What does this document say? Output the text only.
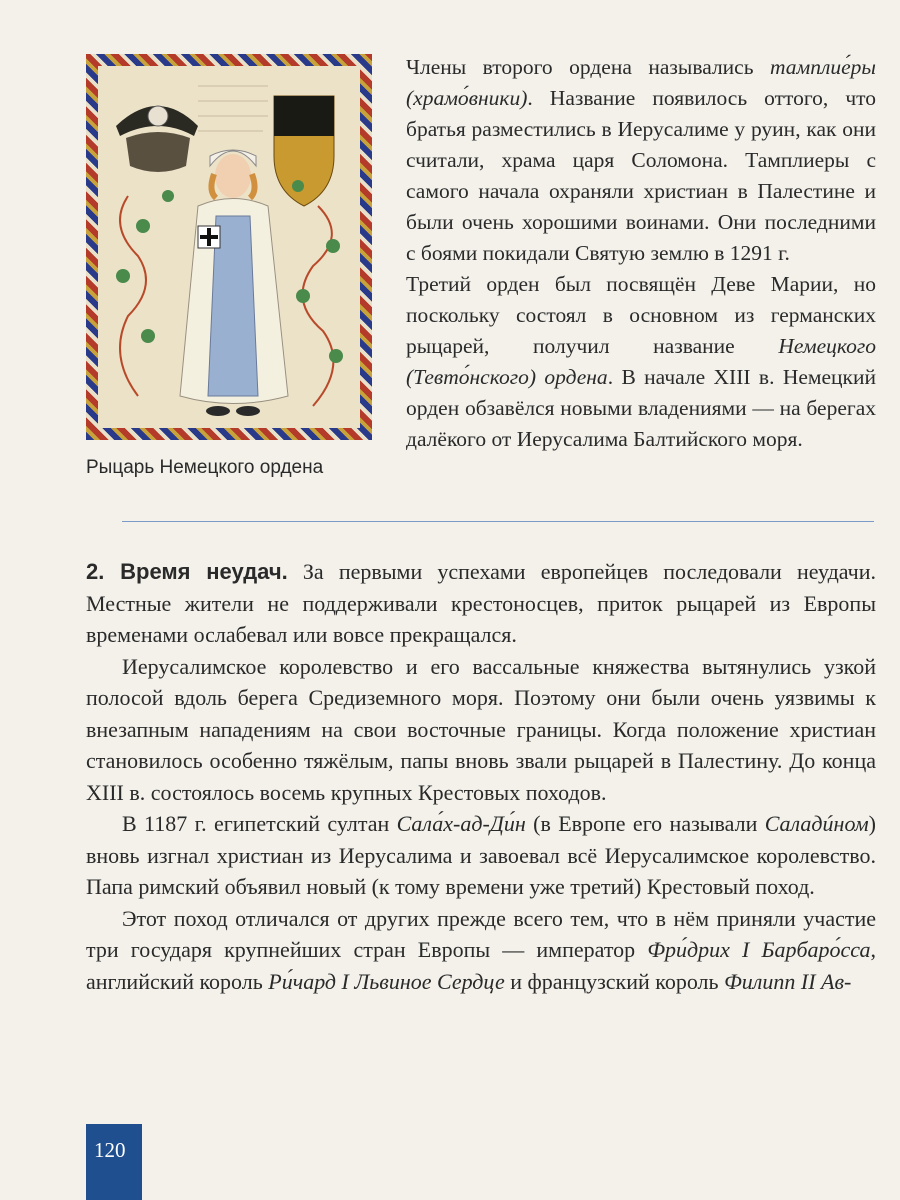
Рыцарь Немецкого ордена

Члены второго ордена назывались тамплие́ры (храмо́вники). Название появилось оттого, что братья разместились в Иерусалиме у руин, как они считали, храма царя Соломона. Тамплиеры с самого начала охраняли христиан в Палестине и были очень хорошими воинами. Они последними с боями покидали Святую землю в 1291 г.

Третий орден был посвящён Деве Марии, но поскольку состоял в основном из германских рыцарей, получил название Немецкого (Тевто́нского) ордена. В начале XIII в. Немецкий орден обзавёлся новыми владениями — на берегах далёкого от Иерусалима Балтийского моря.

2. Время неудач. За первыми успехами европейцев последовали неудачи. Местные жители не поддерживали крестоносцев, приток рыцарей из Европы временами ослабевал или вовсе прекращался.

Иерусалимское королевство и его вассальные княжества вытянулись узкой полосой вдоль берега Средиземного моря. Поэтому они были очень уязвимы к внезапным нападениям на свои восточные границы. Когда положение христиан становилось особенно тяжёлым, папы вновь звали рыцарей в Палестину. До конца XIII в. состоялось восемь крупных Крестовых походов.

В 1187 г. египетский султан Сала́х-ад-Ди́н (в Европе его называли Саладúном) вновь изгнал христиан из Иерусалима и завоевал всё Иерусалимское королевство. Папа римский объявил новый (к тому времени уже третий) Крестовый поход.

Этот поход отличался от других прежде всего тем, что в нём приняли участие три государя крупнейших стран Европы — император Фри́дрих I Барбаро́сса, английский король Ри́чард I Львиное Сердце и французский король Филипп II Ав-

120
